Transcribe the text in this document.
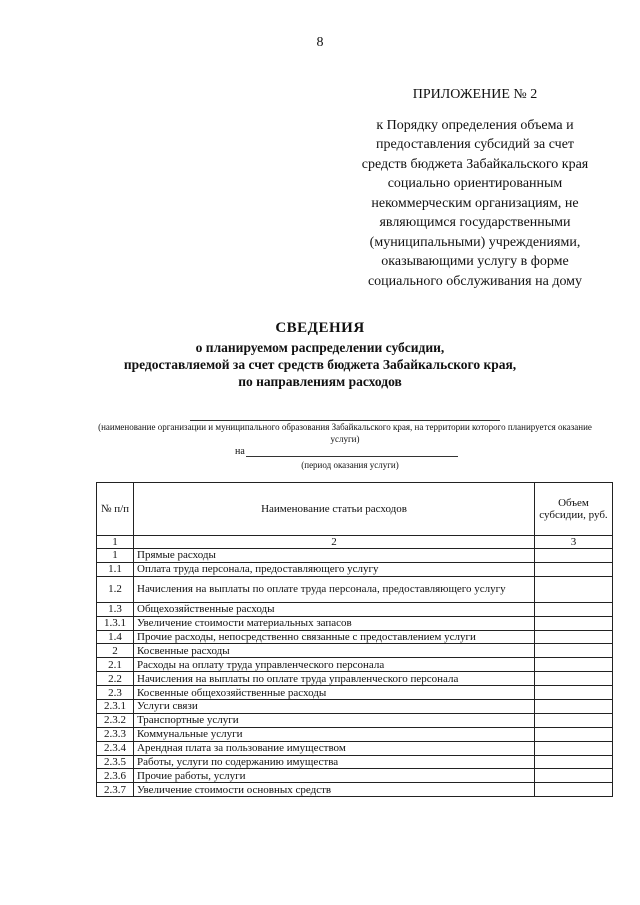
8
ПРИЛОЖЕНИЕ № 2
к Порядку определения объема и
предоставления субсидий за счет
средств бюджета Забайкальского края
социально ориентированным
некоммерческим организациям, не
являющимся государственными
(муниципальными) учреждениями,
оказывающими услугу в форме
социального обслуживания на дому
СВЕДЕНИЯ
о планируемом распределении субсидии,
предоставляемой за счет средств бюджета Забайкальского края,
по направлениям расходов
(наименование организации и муниципального образования Забайкальского края, на территории которого планируется оказание услуги)
на
(период оказания услуги)
№ п/п	Наименование статьи расходов	Объем субсидии, руб.
1	2	3
1	Прямые расходы	
1.1	Оплата труда персонала, предоставляющего услугу	
1.2	Начисления на выплаты по оплате труда персонала, предоставляющего услугу	
1.3	Общехозяйственные расходы	
1.3.1	Увеличение стоимости материальных запасов	
1.4	Прочие расходы, непосредственно связанные с предоставлением услуги	
2	Косвенные расходы	
2.1	Расходы на оплату труда управленческого персонала	
2.2	Начисления на выплаты по оплате труда управленческого персонала	
2.3	Косвенные общехозяйственные расходы	
2.3.1	Услуги связи	
2.3.2	Транспортные услуги	
2.3.3	Коммунальные услуги	
2.3.4	Арендная плата за пользование имуществом	
2.3.5	Работы, услуги по содержанию имущества	
2.3.6	Прочие работы, услуги	
2.3.7	Увеличение стоимости основных средств	
